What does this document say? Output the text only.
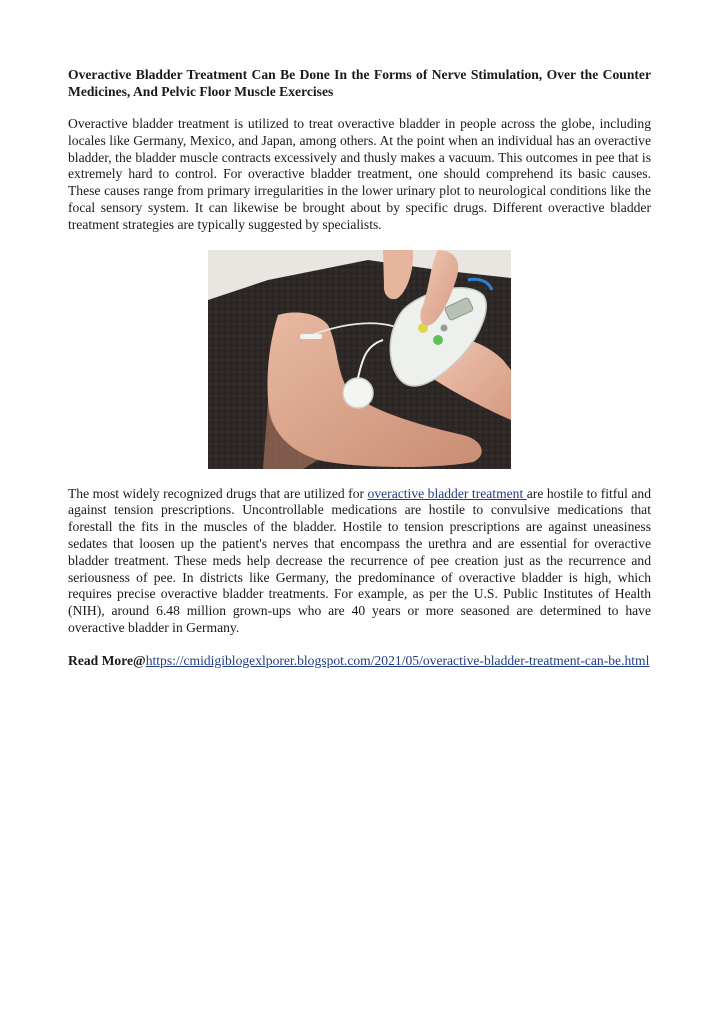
Overactive Bladder Treatment Can Be Done In the Forms of Nerve Stimulation, Over the Counter Medicines, And Pelvic Floor Muscle Exercises

Overactive bladder treatment is utilized to treat overactive bladder in people across the globe, including locales like Germany, Mexico, and Japan, among others. At the point when an individual has an overactive bladder, the bladder muscle contracts excessively and thusly makes a vacuum. This outcomes in pee that is extremely hard to control. For overactive bladder treatment, one should comprehend its basic causes. These causes range from primary irregularities in the lower urinary plot to neurological conditions like the focal sensory system. It can likewise be brought about by specific drugs. Different overactive bladder treatment strategies are typically suggested by specialists.

The most widely recognized drugs that are utilized for overactive bladder treatment are hostile to fitful and against tension prescriptions. Uncontrollable medications are hostile to convulsive medications that forestall the fits in the muscles of the bladder. Hostile to tension prescriptions are against uneasiness sedates that loosen up the patient's nerves that encompass the urethra and are essential for overactive bladder treatment. These meds help decrease the recurrence of pee creation just as the recurrence and seriousness of pee. In districts like Germany, the predominance of overactive bladder is high, which requires precise overactive bladder treatments. For example, as per the U.S. Public Institutes of Health (NIH), around 6.48 million grown-ups who are 40 years or more seasoned are determined to have overactive bladder in Germany.

Read More@https://cmidigiblogexlporer.blogspot.com/2021/05/overactive-bladder-treatment-can-be.html
